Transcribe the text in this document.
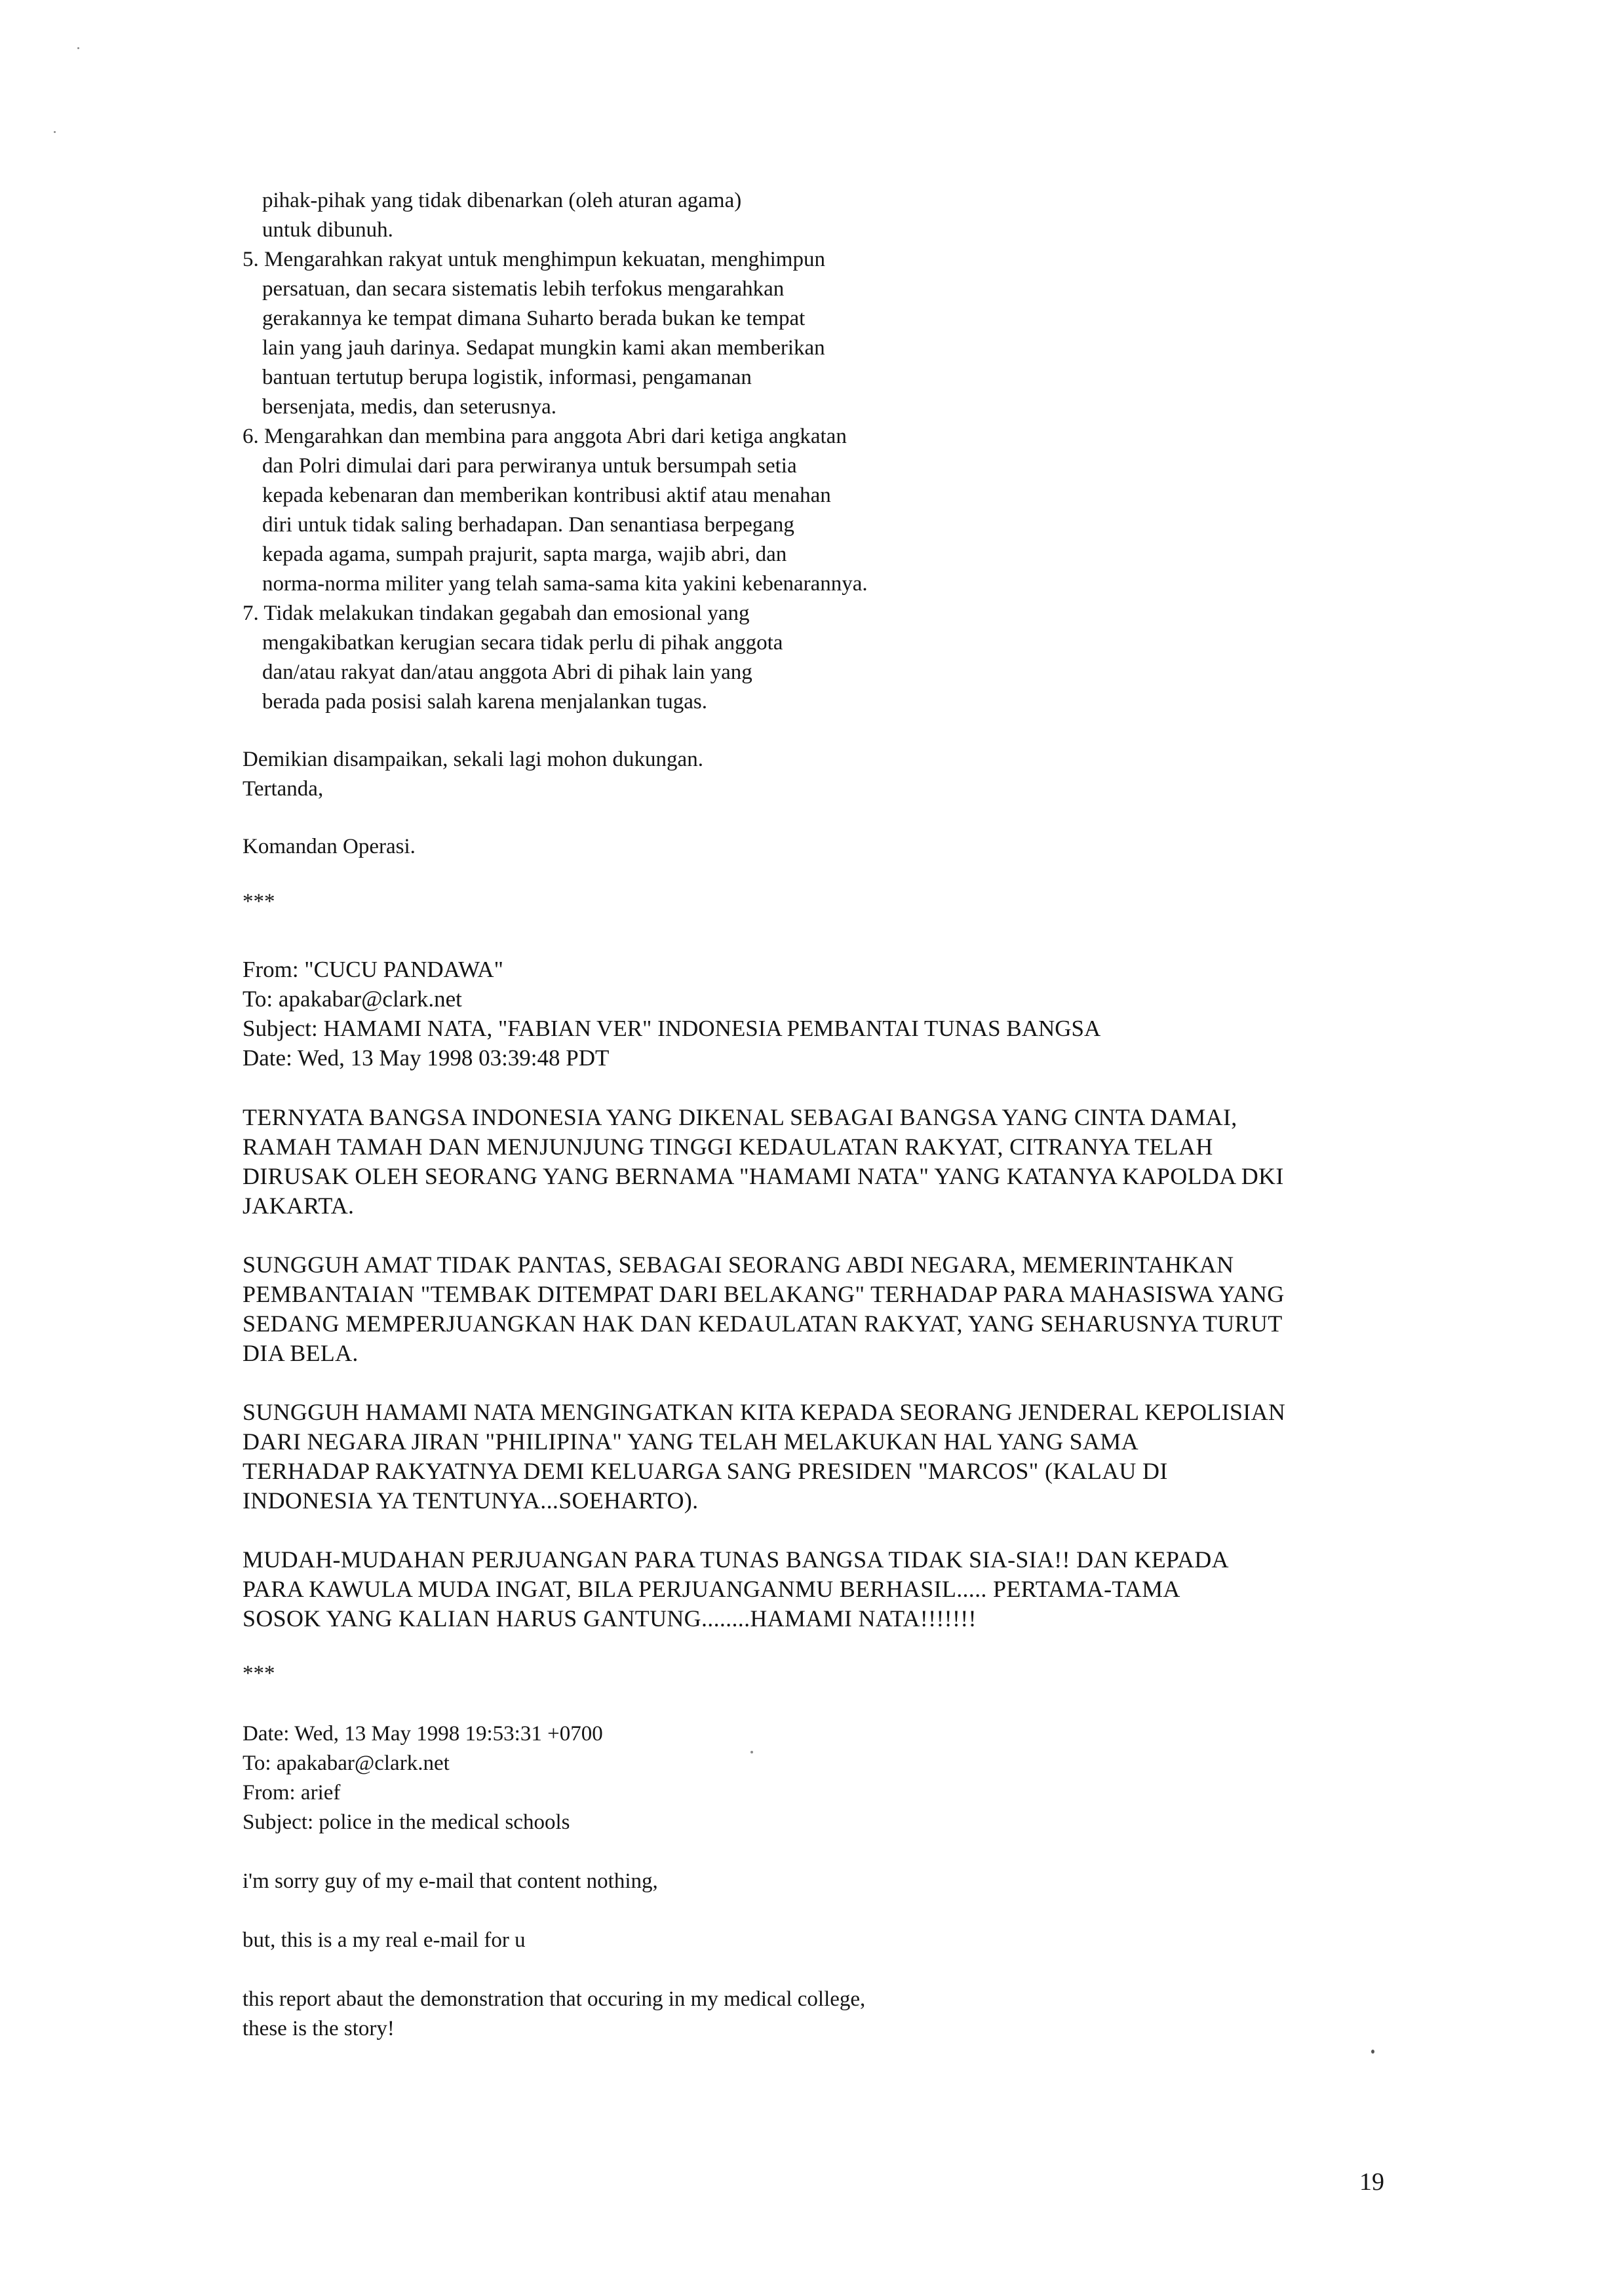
pihak-pihak yang tidak dibenarkan (oleh aturan agama)
untuk dibunuh.
5. Mengarahkan rakyat untuk menghimpun kekuatan, menghimpun
persatuan, dan secara sistematis lebih terfokus mengarahkan
gerakannya ke tempat dimana Suharto berada bukan ke tempat
lain yang jauh darinya. Sedapat mungkin kami akan memberikan
bantuan tertutup berupa logistik, informasi, pengamanan
bersenjata, medis, dan seterusnya.
6. Mengarahkan dan membina para anggota Abri dari ketiga angkatan
dan Polri dimulai dari para perwiranya untuk bersumpah setia
kepada kebenaran dan memberikan kontribusi aktif atau menahan
diri untuk tidak saling berhadapan. Dan senantiasa berpegang
kepada agama, sumpah prajurit, sapta marga, wajib abri, dan
norma-norma militer yang telah sama-sama kita yakini kebenarannya.
7. Tidak melakukan tindakan gegabah dan emosional yang
mengakibatkan kerugian secara tidak perlu di pihak anggota
dan/atau rakyat dan/atau anggota Abri di pihak lain yang
berada pada posisi salah karena menjalankan tugas.
Demikian disampaikan, sekali lagi mohon dukungan.
Tertanda,
Komandan Operasi.
***
From: "CUCU PANDAWA"
To: apakabar@clark.net
Subject: HAMAMI NATA, "FABIAN VER" INDONESIA PEMBANTAI TUNAS BANGSA
Date: Wed, 13 May 1998 03:39:48 PDT
TERNYATA BANGSA INDONESIA YANG DIKENAL SEBAGAI BANGSA YANG CINTA DAMAI,
RAMAH TAMAH DAN MENJUNJUNG TINGGI KEDAULATAN RAKYAT, CITRANYA TELAH
DIRUSAK OLEH SEORANG YANG BERNAMA "HAMAMI NATA" YANG KATANYA KAPOLDA DKI
JAKARTA.
SUNGGUH AMAT TIDAK PANTAS, SEBAGAI SEORANG ABDI NEGARA, MEMERINTAHKAN
PEMBANTAIAN "TEMBAK DITEMPAT DARI BELAKANG" TERHADAP PARA MAHASISWA YANG
SEDANG MEMPERJUANGKAN HAK DAN KEDAULATAN RAKYAT, YANG SEHARUSNYA TURUT
DIA BELA.
SUNGGUH HAMAMI NATA MENGINGATKAN KITA KEPADA SEORANG JENDERAL KEPOLISIAN
DARI NEGARA JIRAN "PHILIPINA" YANG TELAH MELAKUKAN HAL YANG SAMA
TERHADAP RAKYATNYA DEMI KELUARGA SANG PRESIDEN "MARCOS" (KALAU DI
INDONESIA YA TENTUNYA...SOEHARTO).
MUDAH-MUDAHAN PERJUANGAN PARA TUNAS BANGSA TIDAK SIA-SIA!! DAN KEPADA
PARA KAWULA MUDA INGAT, BILA PERJUANGANMU BERHASIL..... PERTAMA-TAMA
SOSOK YANG KALIAN HARUS GANTUNG........HAMAMI NATA!!!!!!!
***
Date: Wed, 13 May 1998 19:53:31 +0700
To: apakabar@clark.net
From: arief
Subject: police in the medical schools
i'm sorry guy of my e-mail that content nothing,
but, this is a my real e-mail for u
this report abaut the demonstration that occuring in my medical college,
these is the story!
19
